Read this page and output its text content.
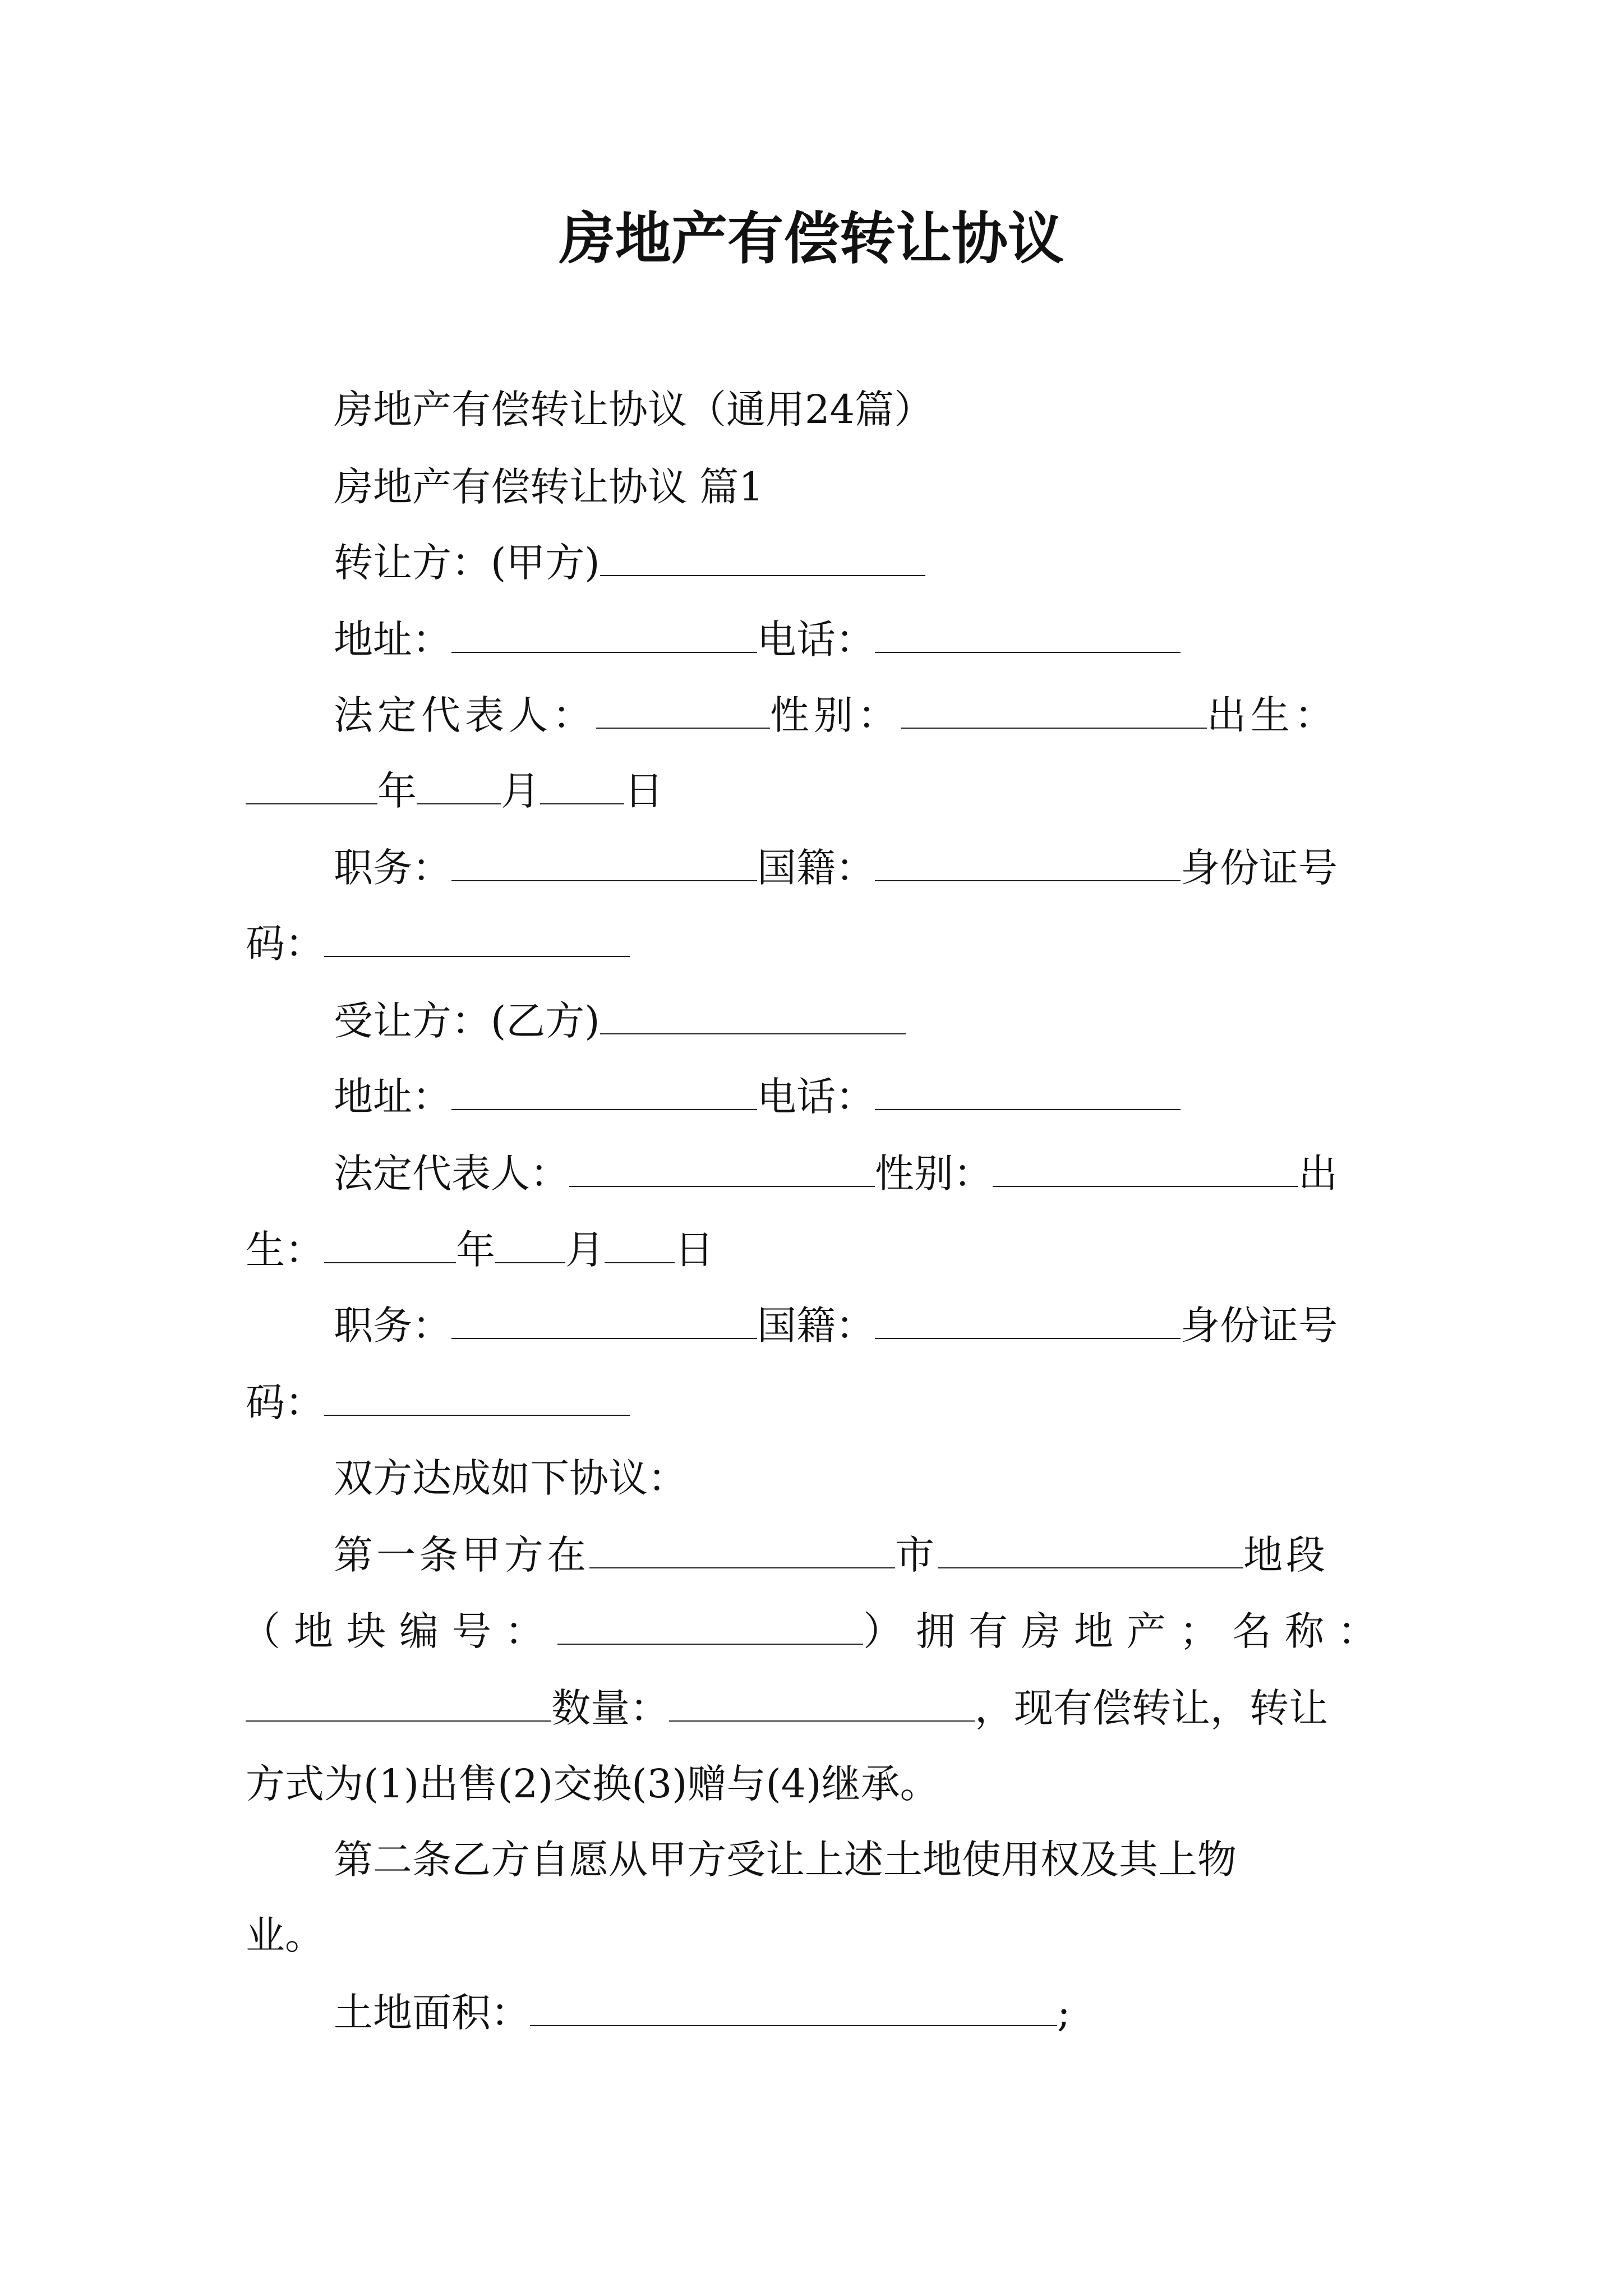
房地产有偿转让协议
房地产有偿转让协议（通用24篇）
房地产有偿转让协议 篇1
转让方：(甲方)
地址：	电话：
法定代表人：	性别：	出生：
年 月 日
职务：	国籍：	身份证号
码：
受让方：(乙方)
地址：	电话：
法定代表人：	性别：	出
生：	年 月 日
职务：	国籍：	身份证号
码：
双方达成如下协议：
第一条甲方在	市	地段
（地块编号：	）拥有房地产；名称：
数量：	，现有偿转让，转让
方式为(1)出售(2)交换(3)赠与(4)继承。
第二条乙方自愿从甲方受让上述土地使用权及其上物
业。
土地面积：	;
